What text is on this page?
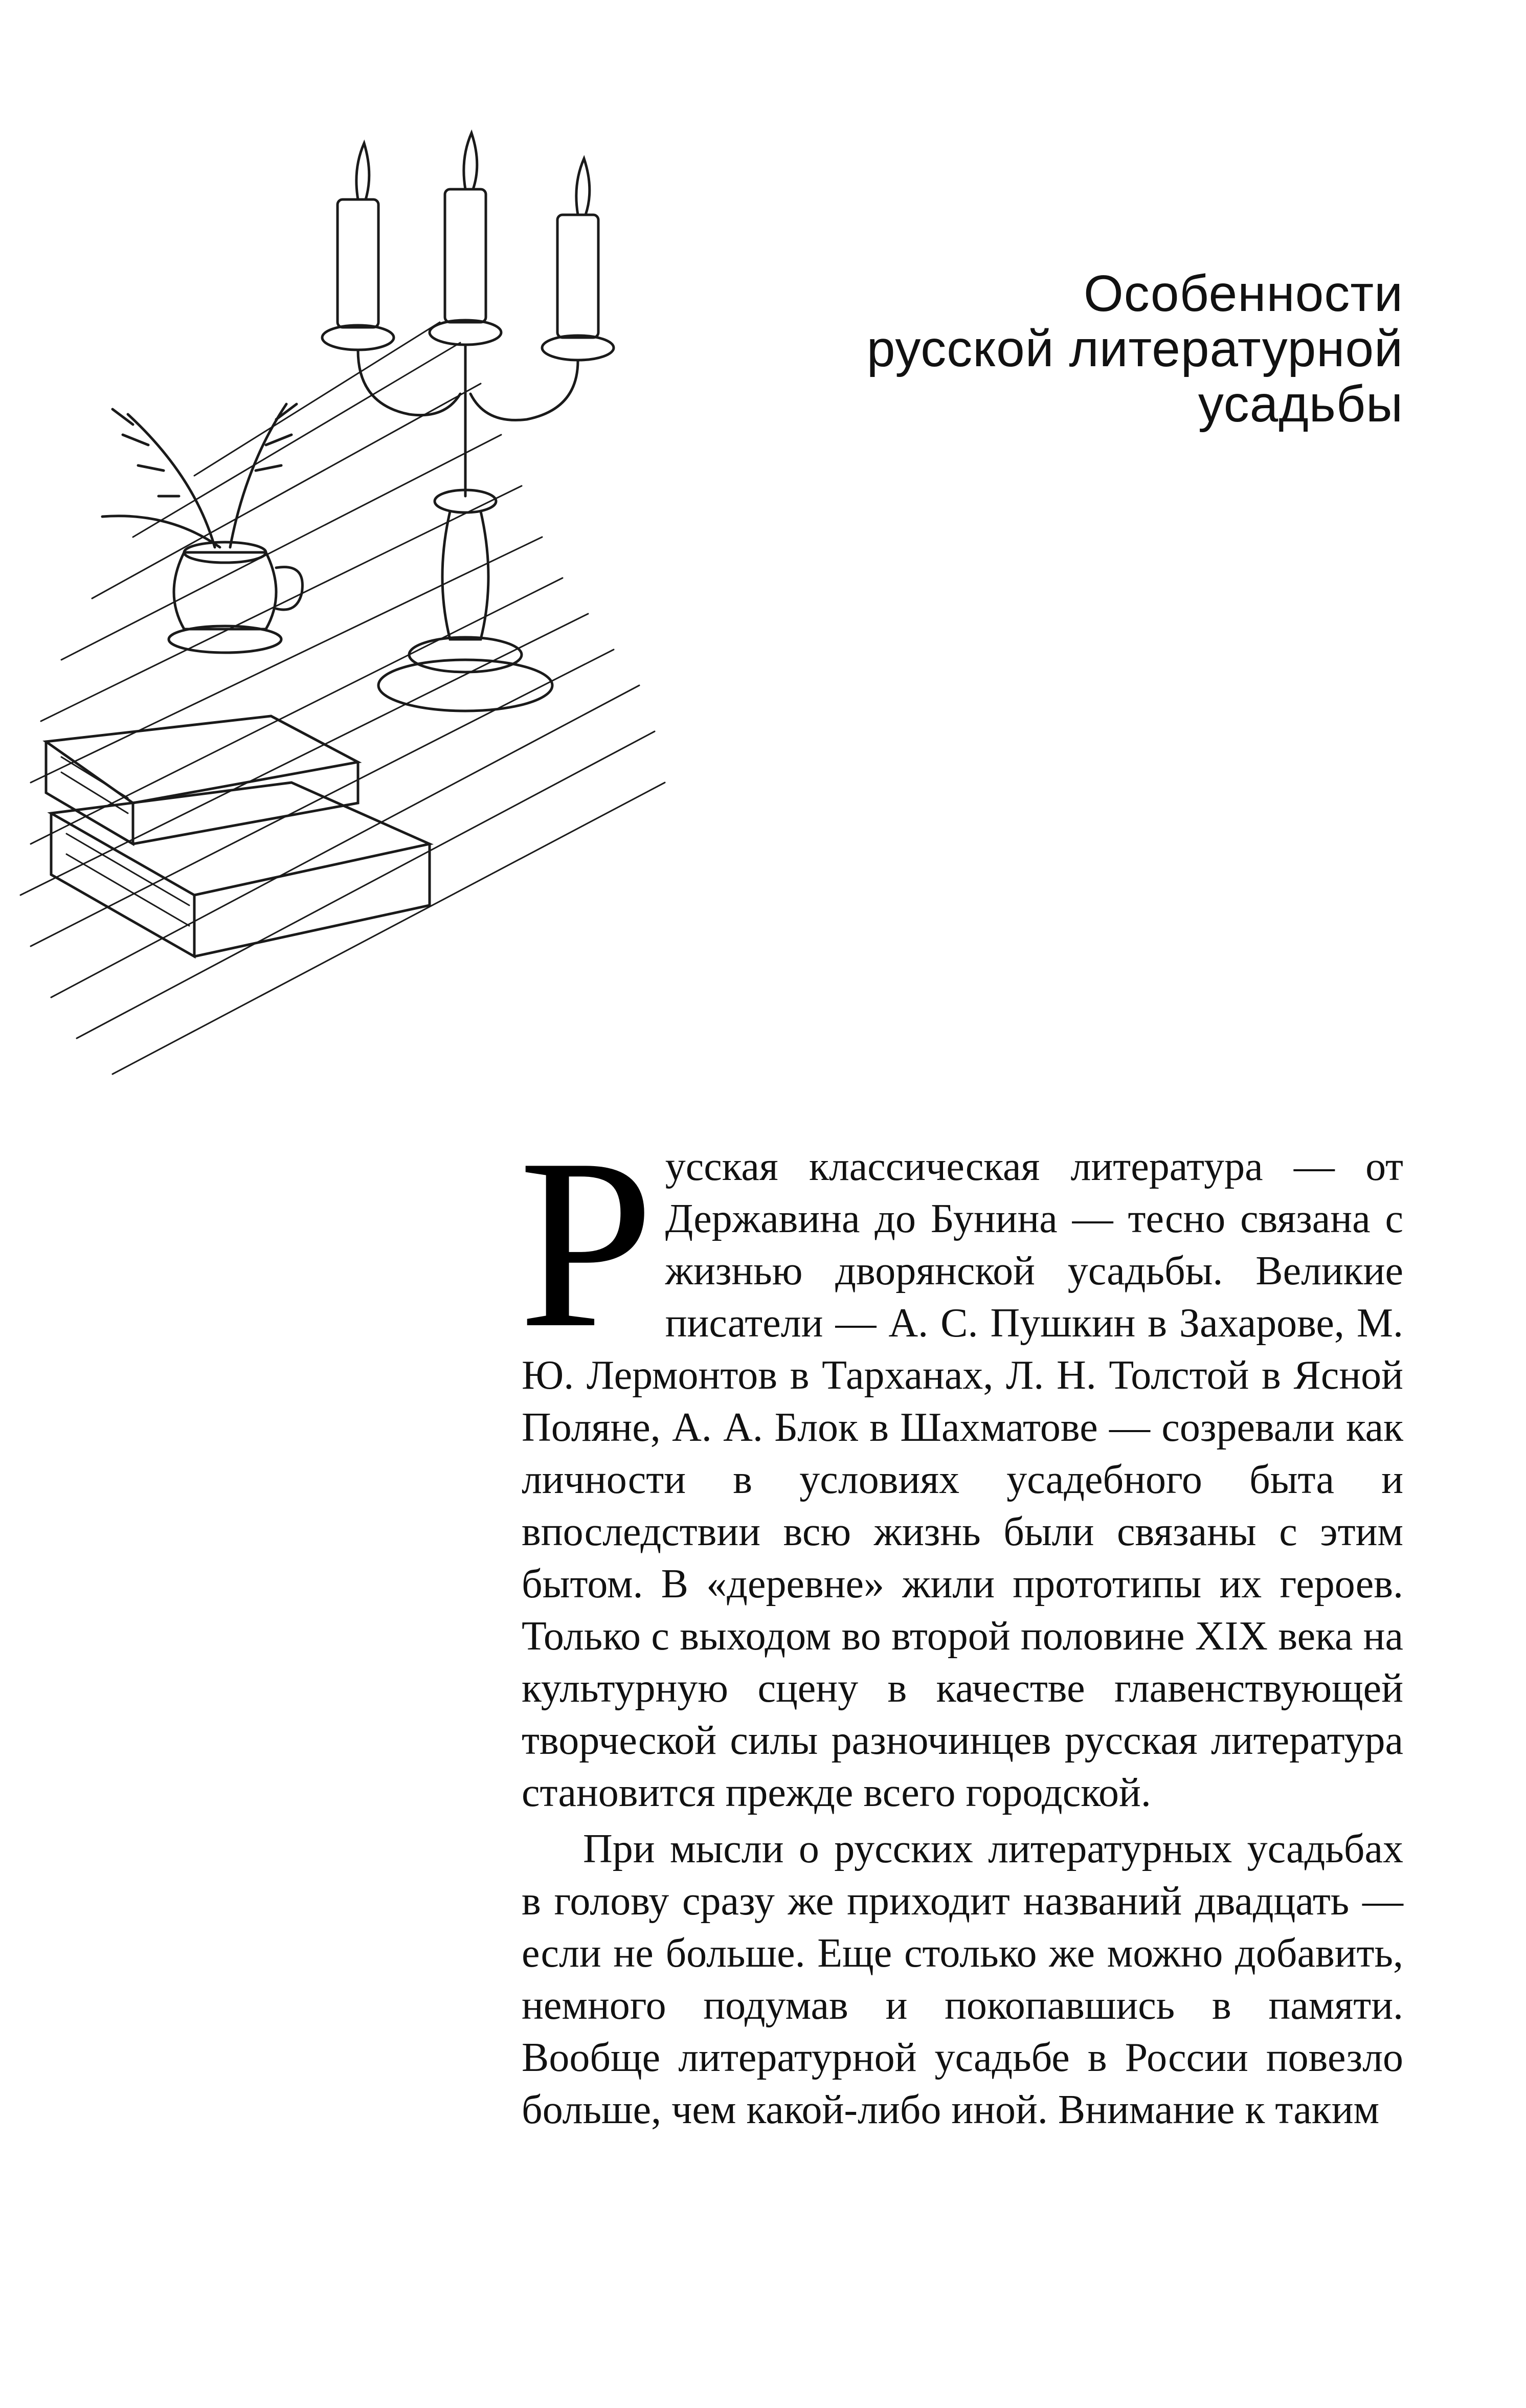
Особенности
русской литературной
усадьбы

Р усская классическая литература — от Державина до Бунина — тесно связана с жизнью дворянской усадьбы. Великие писатели — А. С. Пушкин в Захарове, М. Ю. Лермонтов в Тарханах, Л. Н. Толстой в Ясной Поляне, А. А. Блок в Шахматове — созревали как личности в условиях усадебного быта и впоследствии всю жизнь были связаны с этим бытом. В «деревне» жили прототипы их героев. Только с выходом во второй половине XIX века на культурную сцену в качестве главенствующей творческой силы разночинцев русская литература становится прежде всего городской.

При мысли о русских литературных усадьбах в голову сразу же приходит названий двадцать — если не больше. Еще столько же можно добавить, немного подумав и покопавшись в памяти. Вообще литературной усадьбе в России повезло больше, чем какой-либо иной. Внимание к таким
